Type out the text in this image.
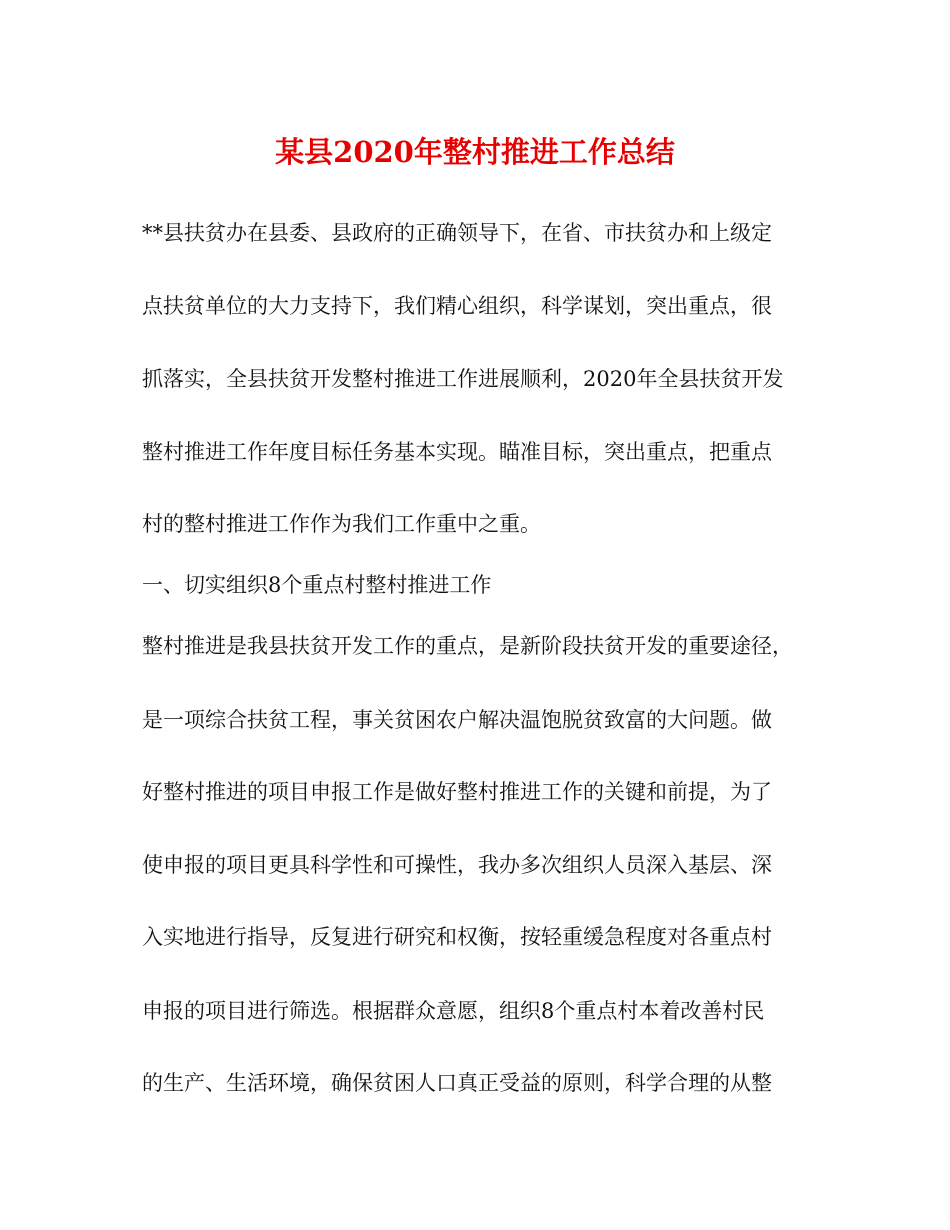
某县2020年整村推进工作总结
**县扶贫办在县委、县政府的正确领导下，在省、市扶贫办和上级定
点扶贫单位的大力支持下，我们精心组织，科学谋划，突出重点，很
抓落实，全县扶贫开发整村推进工作进展顺利，2020年全县扶贫开发
整村推进工作年度目标任务基本实现。瞄准目标，突出重点，把重点
村的整村推进工作作为我们工作重中之重。
一、切实组织8个重点村整村推进工作
整村推进是我县扶贫开发工作的重点，是新阶段扶贫开发的重要途径，
是一项综合扶贫工程，事关贫困农户解决温饱脱贫致富的大问题。做
好整村推进的项目申报工作是做好整村推进工作的关键和前提，为了
使申报的项目更具科学性和可操性，我办多次组织人员深入基层、深
入实地进行指导，反复进行研究和权衡，按轻重缓急程度对各重点村
申报的项目进行筛选。根据群众意愿，组织8个重点村本着改善村民
的生产、生活环境，确保贫困人口真正受益的原则，科学合理的从整
